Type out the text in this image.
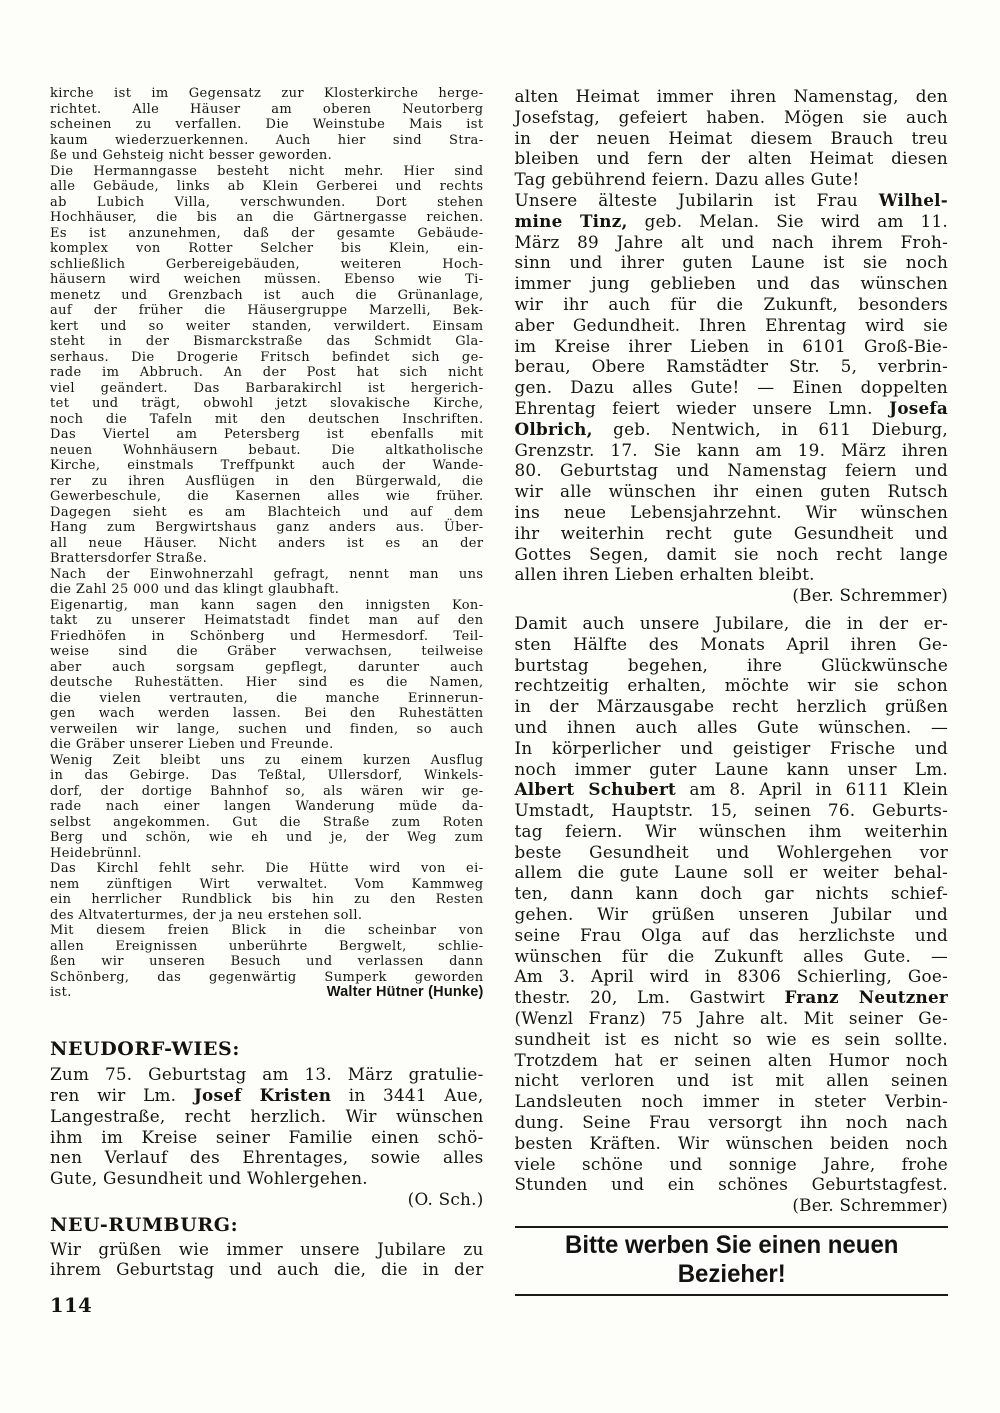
kirche ist im Gegensatz zur Klosterkirche herge-
richtet. Alle Häuser am oberen Neutorberg
scheinen zu verfallen. Die Weinstube Mais ist
kaum wiederzuerkennen. Auch hier sind Stra-
ße und Gehsteig nicht besser geworden.
Die Hermanngasse besteht nicht mehr. Hier sind
alle Gebäude, links ab Klein Gerberei und rechts
ab Lubich Villa, verschwunden. Dort stehen
Hochhäuser, die bis an die Gärtnergasse reichen.
Es ist anzunehmen, daß der gesamte Gebäude-
komplex von Rotter Selcher bis Klein, ein-
schließlich Gerbereigebäuden, weiteren Hoch-
häusern wird weichen müssen. Ebenso wie Ti-
menetz und Grenzbach ist auch die Grünanlage,
auf der früher die Häusergruppe Marzelli, Bek-
kert und so weiter standen, verwildert. Einsam
steht in der Bismarckstraße das Schmidt Gla-
serhaus. Die Drogerie Fritsch befindet sich ge-
rade im Abbruch. An der Post hat sich nicht
viel geändert. Das Barbarakirchl ist hergerich-
tet und trägt, obwohl jetzt slovakische Kirche,
noch die Tafeln mit den deutschen Inschriften.
Das Viertel am Petersberg ist ebenfalls mit
neuen Wohnhäusern bebaut. Die altkatholische
Kirche, einstmals Treffpunkt auch der Wande-
rer zu ihren Ausflügen in den Bürgerwald, die
Gewerbeschule, die Kasernen alles wie früher.
Dagegen sieht es am Blachteich und auf dem
Hang zum Bergwirtshaus ganz anders aus. Über-
all neue Häuser. Nicht anders ist es an der
Brattersdorfer Straße.
Nach der Einwohnerzahl gefragt, nennt man uns
die Zahl 25 000 und das klingt glaubhaft.
Eigenartig, man kann sagen den innigsten Kon-
takt zu unserer Heimatstadt findet man auf den
Friedhöfen in Schönberg und Hermesdorf. Teil-
weise sind die Gräber verwachsen, teilweise
aber auch sorgsam gepflegt, darunter auch
deutsche Ruhestätten. Hier sind es die Namen,
die vielen vertrauten, die manche Erinnerun-
gen wach werden lassen. Bei den Ruhestätten
verweilen wir lange, suchen und finden, so auch
die Gräber unserer Lieben und Freunde.
Wenig Zeit bleibt uns zu einem kurzen Ausflug
in das Gebirge. Das Teßtal, Ullersdorf, Winkels-
dorf, der dortige Bahnhof so, als wären wir ge-
rade nach einer langen Wanderung müde da-
selbst angekommen. Gut die Straße zum Roten
Berg und schön, wie eh und je, der Weg zum
Heidebrünnl.
Das Kirchl fehlt sehr. Die Hütte wird von ei-
nem zünftigen Wirt verwaltet. Vom Kammweg
ein herrlicher Rundblick bis hin zu den Resten
des Altvaterturmes, der ja neu erstehen soll.
Mit diesem freien Blick in die scheinbar von
allen Ereignissen unberührte Bergwelt, schlie-
ßen wir unseren Besuch und verlassen dann
Schönberg, das gegenwärtig Sumperk geworden
ist.	Walter Hütner (Hunke)
NEUDORF-WIES:
Zum 75. Geburtstag am 13. März gratulie-
ren wir Lm. Josef Kristen in 3441 Aue,
Langestraße, recht herzlich. Wir wünschen
ihm im Kreise seiner Familie einen schö-
nen Verlauf des Ehrentages, sowie alles
Gute, Gesundheit und Wohlergehen.
(O. Sch.)
NEU-RUMBURG:
Wir grüßen wie immer unsere Jubilare zu
ihrem Geburtstag und auch die, die in der
114
alten Heimat immer ihren Namenstag, den
Josefstag, gefeiert haben. Mögen sie auch
in der neuen Heimat diesem Brauch treu
bleiben und fern der alten Heimat diesen
Tag gebührend feiern. Dazu alles Gute!
Unsere älteste Jubilarin ist Frau Wilhel-
mine Tinz, geb. Melan. Sie wird am 11.
März 89 Jahre alt und nach ihrem Froh-
sinn und ihrer guten Laune ist sie noch
immer jung geblieben und das wünschen
wir ihr auch für die Zukunft, besonders
aber Gedundheit. Ihren Ehrentag wird sie
im Kreise ihrer Lieben in 6101 Groß-Bie-
berau, Obere Ramstädter Str. 5, verbrin-
gen. Dazu alles Gute! — Einen doppelten
Ehrentag feiert wieder unsere Lmn. Josefa
Olbrich, geb. Nentwich, in 611 Dieburg,
Grenzstr. 17. Sie kann am 19. März ihren
80. Geburtstag und Namenstag feiern und
wir alle wünschen ihr einen guten Rutsch
ins neue Lebensjahrzehnt. Wir wünschen
ihr weiterhin recht gute Gesundheit und
Gottes Segen, damit sie noch recht lange
allen ihren Lieben erhalten bleibt.
(Ber. Schremmer)
Damit auch unsere Jubilare, die in der er-
sten Hälfte des Monats April ihren Ge-
burtstag begehen, ihre Glückwünsche
rechtzeitig erhalten, möchte wir sie schon
in der Märzausgabe recht herzlich grüßen
und ihnen auch alles Gute wünschen. —
In körperlicher und geistiger Frische und
noch immer guter Laune kann unser Lm.
Albert Schubert am 8. April in 6111 Klein
Umstadt, Hauptstr. 15, seinen 76. Geburts-
tag feiern. Wir wünschen ihm weiterhin
beste Gesundheit und Wohlergehen vor
allem die gute Laune soll er weiter behal-
ten, dann kann doch gar nichts schief-
gehen. Wir grüßen unseren Jubilar und
seine Frau Olga auf das herzlichste und
wünschen für die Zukunft alles Gute. —
Am 3. April wird in 8306 Schierling, Goe-
thestr. 20, Lm. Gastwirt Franz Neutzner
(Wenzl Franz) 75 Jahre alt. Mit seiner Ge-
sundheit ist es nicht so wie es sein sollte.
Trotzdem hat er seinen alten Humor noch
nicht verloren und ist mit allen seinen
Landsleuten noch immer in steter Verbin-
dung. Seine Frau versorgt ihn noch nach
besten Kräften. Wir wünschen beiden noch
viele schöne und sonnige Jahre, frohe
Stunden und ein schönes Geburtstagfest.
(Ber. Schremmer)
Bitte werben Sie einen neuen Bezieher!
